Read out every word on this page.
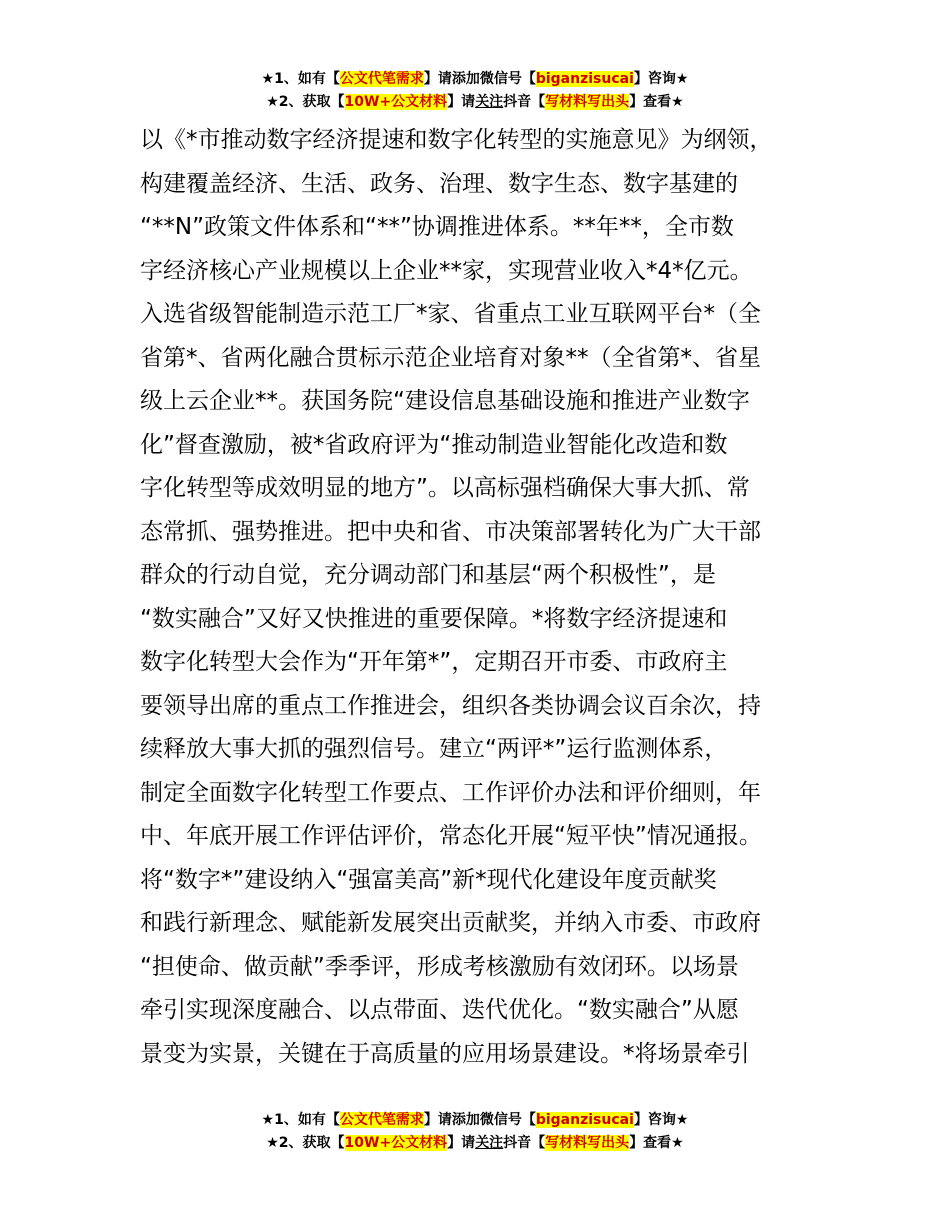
★1、如有【公文代笔需求】请添加微信号【biganzisucai】咨询★
★2、获取【10W+公文材料】请关注抖音【写材料写出头】查看★
以《*市推动数字经济提速和数字化转型的实施意见》为纲领，
构建覆盖经济、生活、政务、治理、数字生态、数字基建的
“**N”政策文件体系和“**”协调推进体系。**年**，全市数
字经济核心产业规模以上企业**家，实现营业收入*4*亿元。
入选省级智能制造示范工厂*家、省重点工业互联网平台*（全
省第*、省两化融合贯标示范企业培育对象**（全省第*、省星
级上云企业**。获国务院“建设信息基础设施和推进产业数字
化”督查激励，被*省政府评为“推动制造业智能化改造和数
字化转型等成效明显的地方”。以高标强档确保大事大抓、常
态常抓、强势推进。把中央和省、市决策部署转化为广大干部
群众的行动自觉，充分调动部门和基层“两个积极性”，是
“数实融合”又好又快推进的重要保障。*将数字经济提速和
数字化转型大会作为“开年第*”，定期召开市委、市政府主
要领导出席的重点工作推进会，组织各类协调会议百余次，持
续释放大事大抓的强烈信号。建立“两评*”运行监测体系，
制定全面数字化转型工作要点、工作评价办法和评价细则，年
中、年底开展工作评估评价，常态化开展“短平快”情况通报。
将“数字*”建设纳入“强富美高”新*现代化建设年度贡献奖
和践行新理念、赋能新发展突出贡献奖，并纳入市委、市政府
“担使命、做贡献”季季评，形成考核激励有效闭环。以场景
牵引实现深度融合、以点带面、迭代优化。“数实融合”从愿
景变为实景，关键在于高质量的应用场景建设。*将场景牵引
★1、如有【公文代笔需求】请添加微信号【biganzisucai】咨询★
★2、获取【10W+公文材料】请关注抖音【写材料写出头】查看★
